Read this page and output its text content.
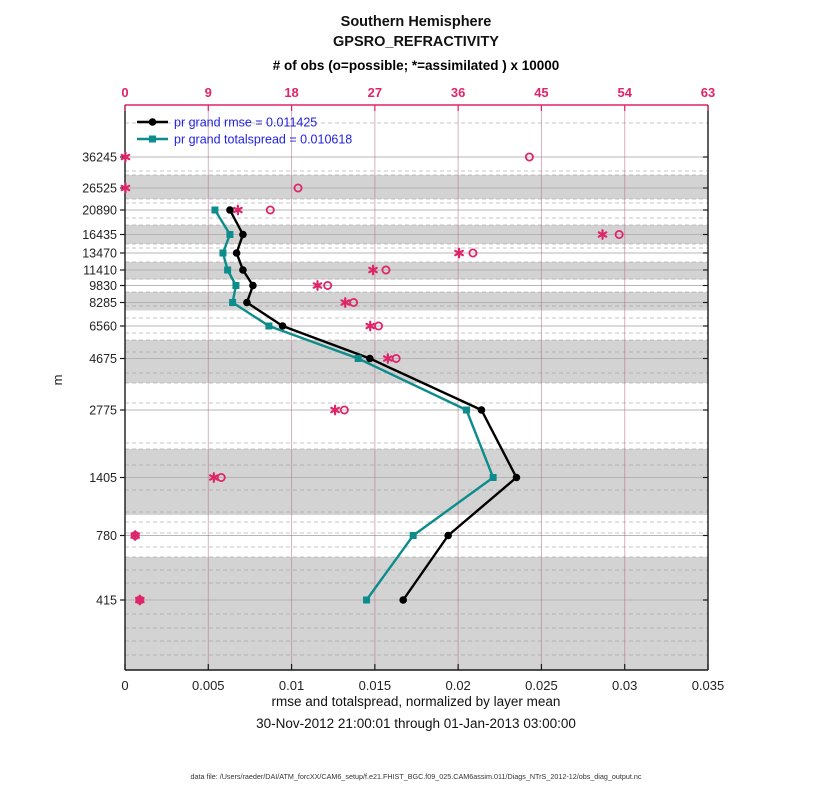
Southern Hemisphere
GPSRO_REFRACTIVITY
# of obs (o=possible; *=assimilated ) x 10000
m
rmse and totalspread, normalized by layer mean
30-Nov-2012 21:00:01 through 01-Jan-2013 03:00:00
data file: /Users/raeder/DAI/ATM_forcXX/CAM6_setup/f.e21.FHIST_BGC.f09_025.CAM6assim.011/Diags_NTrS_2012-12/obs_diag_output.nc
pr grand rmse = 0.011425
pr grand totalspread = 0.010618
0	9	18	27	36	45	54	63
0	0.005	0.01	0.015	0.02	0.025	0.03	0.035
36245
26525
20890
16435
13470
11410
9830
8285
6560
4675
2775
1405
780
415
